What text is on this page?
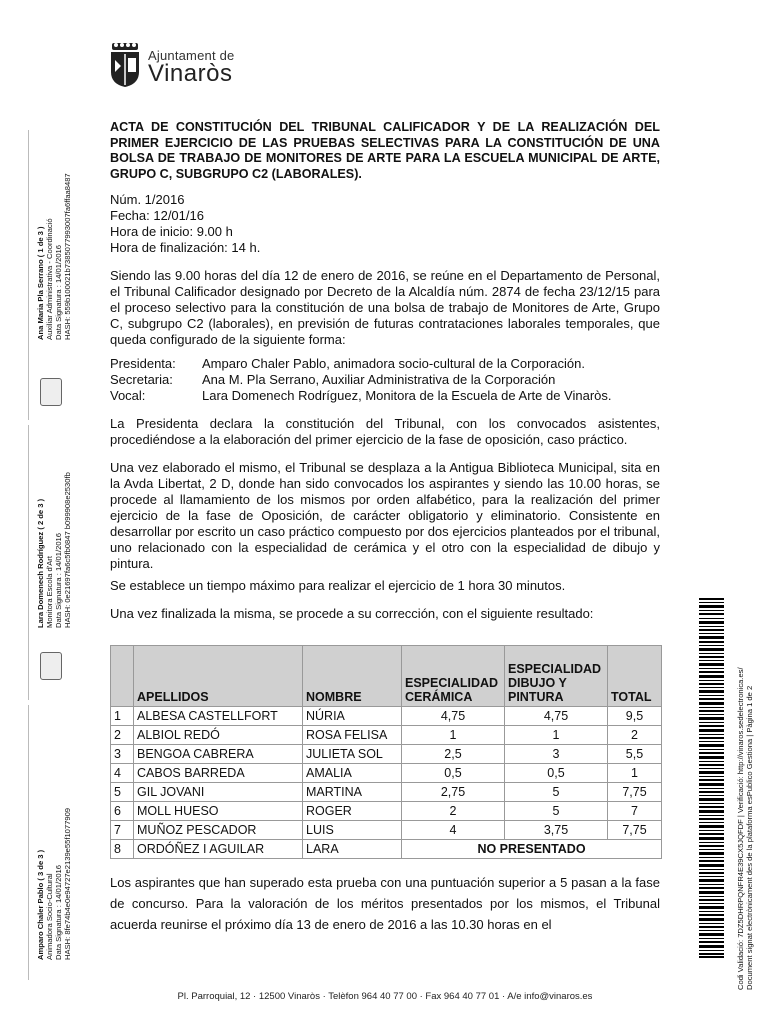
Ajuntament de
Vinaròs
ACTA DE CONSTITUCIÓN DEL TRIBUNAL CALIFICADOR Y DE LA REALIZACIÓN DEL PRIMER EJERCICIO DE LAS PRUEBAS SELECTIVAS PARA LA CONSTITUCIÓN DE UNA BOLSA DE TRABAJO DE MONITORES DE ARTE PARA LA ESCUELA MUNICIPAL DE ARTE, GRUPO C, SUBGRUPO C2 (LABORALES).
Núm. 1/2016
Fecha: 12/01/16
Hora de inicio: 9.00 h
Hora de finalización: 14 h.
Siendo las 9.00 horas del día 12 de enero de 2016, se reúne en el Departamento de Personal, el Tribunal Calificador designado por Decreto de la Alcaldía núm. 2874 de fecha 23/12/15 para el proceso selectivo para la constitución de una bolsa de trabajo de Monitores de Arte, Grupo C, subgrupo C2 (laborales), en previsión de futuras contrataciones laborales temporales, que queda configurado de la siguiente forma:
Presidenta:	Amparo Chaler Pablo, animadora socio-cultural de la Corporación.
Secretaria:	Ana M. Pla Serrano, Auxiliar Administrativa de la Corporación
Vocal:	Lara Domenech Rodríguez, Monitora de la Escuela de Arte de Vinaròs.
La Presidenta declara la constitución del Tribunal, con los convocados asistentes, procediéndose a la elaboración del primer ejercicio de la fase de oposición, caso práctico.
Una vez elaborado el mismo, el Tribunal se desplaza a la Antigua Biblioteca Municipal, sita en la Avda Libertat, 2 D, donde han sido convocados los aspirantes y siendo las 10.00 horas, se procede al llamamiento de los mismos por orden alfabético, para la realización del primer ejercicio de la fase de Oposición, de carácter obligatorio y eliminatorio. Consistente en desarrollar por escrito un caso práctico compuesto por dos ejercicios planteados por el tribunal, uno relacionado con la especialidad de cerámica y el otro con la especialidad de dibujo y pintura.
Se establece un tiempo máximo para realizar el ejercicio de 1 hora 30 minutos.
Una vez finalizada la misma, se procede a su corrección, con el siguiente resultado:
	APELLIDOS	NOMBRE	ESPECIALIDAD CERÁMICA	ESPECIALIDAD DIBUJO Y PINTURA	TOTAL
1	ALBESA CASTELLFORT	NÚRIA	4,75	4,75	9,5
2	ALBIOL REDÓ	ROSA FELISA	1	1	2
3	BENGOA CABRERA	JULIETA SOL	2,5	3	5,5
4	CABOS BARREDA	AMALIA	0,5	0,5	1
5	GIL JOVANI	MARTINA	2,75	5	7,75
6	MOLL HUESO	ROGER	2	5	7
7	MUÑOZ PESCADOR	LUIS	4	3,75	7,75
8	ORDÓÑEZ I AGUILAR	LARA	NO PRESENTADO		
Los aspirantes que han superado esta prueba con una puntuación superior a 5 pasan a la fase de concurso. Para la valoración de los méritos presentados por los mismos, el Tribunal acuerda reunirse el próximo día 13 de enero de 2016 a las 10.30 horas en el
Pl. Parroquial, 12 · 12500 Vinaròs · Telèfon 964 40 77 00 · Fax 964 40 77 01 · A/e info@vinaros.es
Ana Maria Pla Serrano ( 1 de 3 ) Auxiliar Administrativa - Coordinació Data Signatura : 14/01/2016 HASH: 559b100021b7385077993007fa6ffaa8487
Lara Domenech Rodríguez ( 2 de 3 ) Monitora Escola d'Art Data Signatura : 14/01/2016 HASH: 0e21697fa6c5fb0847 b099908e2530fb
Amparo Chaler Pablo ( 3 de 3 ) Animadora Socio-Cultural Data Signatura : 14/01/2016 HASH: 8fe74b4e0e94727e2139e55f1077909	Codi Validació: 7DZ5DHRPQNFR4E39CX5JQFDF | Verificació: http://vinaros.sedelectronica.es/ Document signat electrònicament des de la plataforma esPublico Gestiona | Pàgina 1 de 2
